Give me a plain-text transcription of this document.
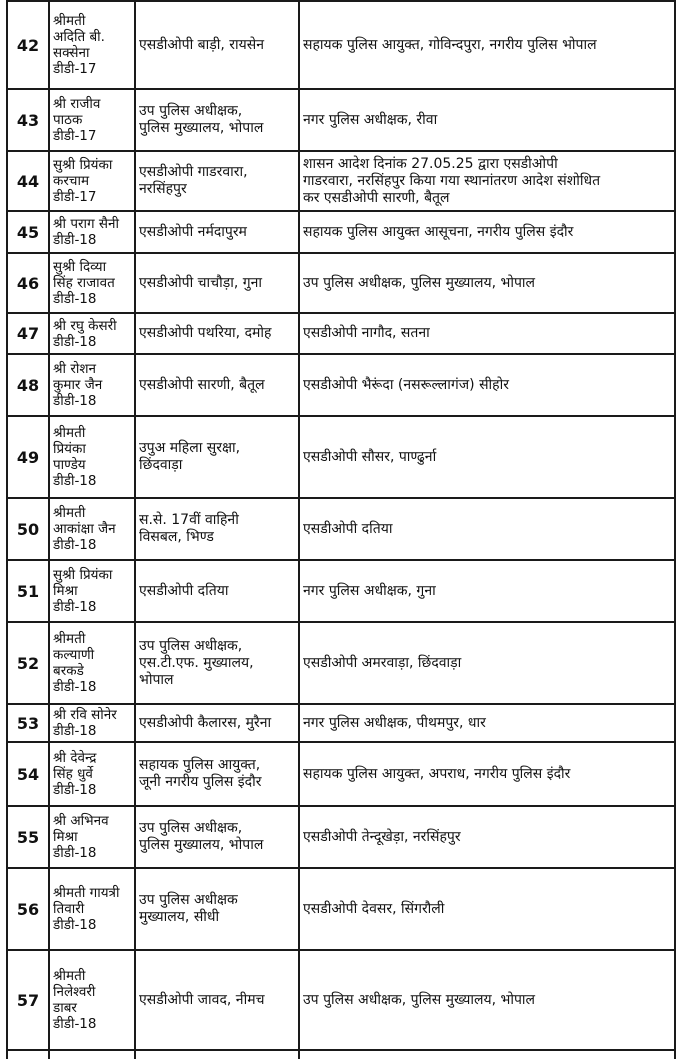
42	श्रीमती
अदिति बी.
सक्सेना
डीडी-17	एसडीओपी बाड़ी, रायसेन	सहायक पुलिस आयुक्त, गोविन्दपुरा, नगरीय पुलिस भोपाल
43	श्री राजीव
पाठक
डीडी-17	उप पुलिस अधीक्षक,
पुलिस मुख्यालय, भोपाल	नगर पुलिस अधीक्षक, रीवा
44	सुश्री प्रियंका
करचाम
डीडी-17	एसडीओपी गाडरवारा,
नरसिंहपुर	शासन आदेश दिनांक 27.05.25 द्वारा एसडीओपी
गाडरवारा, नरसिंहपुर किया गया स्थानांतरण आदेश संशोधित
कर एसडीओपी सारणी, बैतूल
45	श्री पराग सैनी
डीडी-18	एसडीओपी नर्मदापुरम	सहायक पुलिस आयुक्त आसूचना, नगरीय पुलिस इंदौर
46	सुश्री दिव्या
सिंह राजावत
डीडी-18	एसडीओपी चाचौड़ा, गुना	उप पुलिस अधीक्षक, पुलिस मुख्यालय, भोपाल
47	श्री रघु केसरी
डीडी-18	एसडीओपी पथरिया, दमोह	एसडीओपी नागौद, सतना
48	श्री रोशन
कुमार जैन
डीडी-18	एसडीओपी सारणी, बैतूल	एसडीओपी भैरूंदा (नसरूल्लागंज) सीहोर
49	श्रीमती
प्रियंका
पाण्डेय
डीडी-18	उपुअ महिला सुरक्षा,
छिंदवाड़ा	एसडीओपी सौसर, पाण्ढुर्ना
50	श्रीमती
आकांक्षा जैन
डीडी-18	स.से. 17वीं वाहिनी
विसबल, भिण्ड	एसडीओपी दतिया
51	सुश्री प्रियंका
मिश्रा
डीडी-18	एसडीओपी दतिया	नगर पुलिस अधीक्षक, गुना
52	श्रीमती
कल्याणी
बरकडे
डीडी-18	उप पुलिस अधीक्षक,
एस.टी.एफ. मुख्यालय,
भोपाल	एसडीओपी अमरवाड़ा, छिंदवाड़ा
53	श्री रवि सोनेर
डीडी-18	एसडीओपी कैलारस, मुरैना	नगर पुलिस अधीक्षक, पीथमपुर, धार
54	श्री देवेन्द्र
सिंह धुर्वे
डीडी-18	सहायक पुलिस आयुक्त,
जूनी नगरीय पुलिस इंदौर	सहायक पुलिस आयुक्त, अपराध, नगरीय पुलिस इंदौर
55	श्री अभिनव
मिश्रा
डीडी-18	उप पुलिस अधीक्षक,
पुलिस मुख्यालय, भोपाल	एसडीओपी तेन्दूखेड़ा, नरसिंहपुर
56	श्रीमती गायत्री
तिवारी
डीडी-18	उप पुलिस अधीक्षक
मुख्यालय, सीधी	एसडीओपी देवसर, सिंगरौली
57	श्रीमती
निलेश्वरी
डाबर
डीडी-18	एसडीओपी जावद, नीमच	उप पुलिस अधीक्षक, पुलिस मुख्यालय, भोपाल
